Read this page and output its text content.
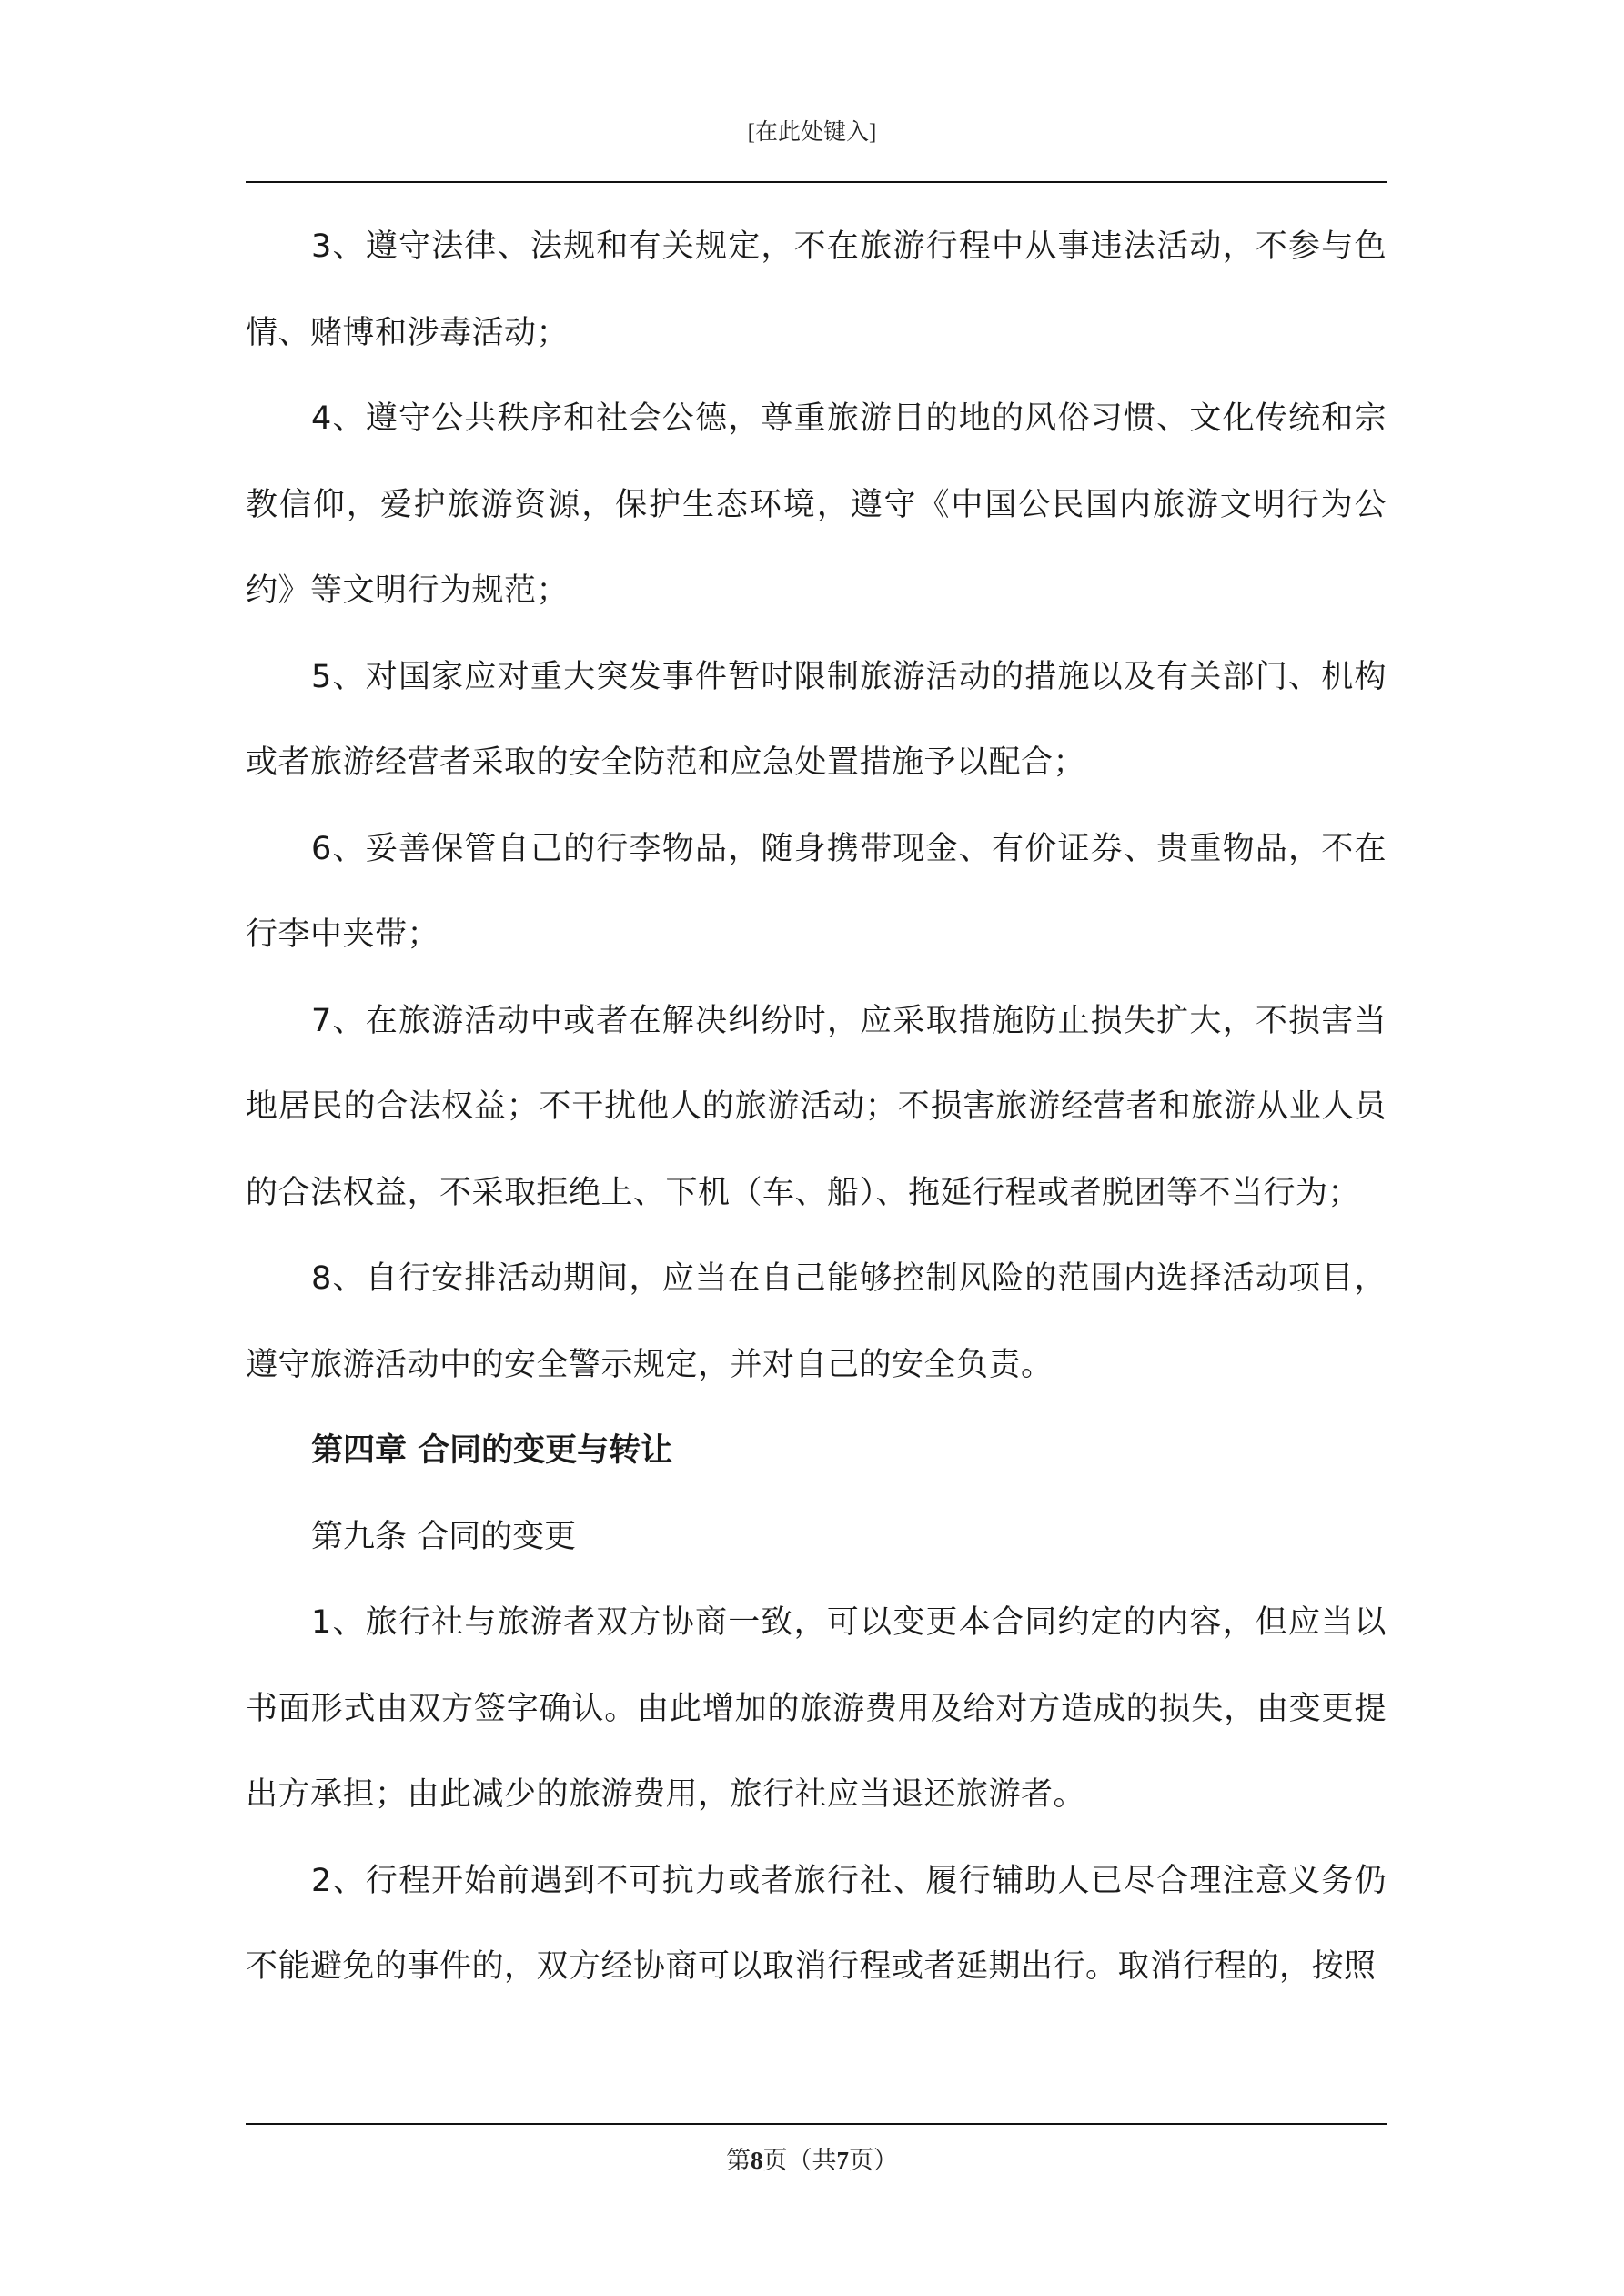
[在此处键入]

3、遵守法律、法规和有关规定，不在旅游行程中从事违法活动，不参与色情、赌博和涉毒活动；

4、遵守公共秩序和社会公德，尊重旅游目的地的风俗习惯、文化传统和宗教信仰，爱护旅游资源，保护生态环境，遵守《中国公民国内旅游文明行为公约》等文明行为规范；

5、对国家应对重大突发事件暂时限制旅游活动的措施以及有关部门、机构或者旅游经营者采取的安全防范和应急处置措施予以配合；

6、妥善保管自己的行李物品，随身携带现金、有价证券、贵重物品，不在行李中夹带；

7、在旅游活动中或者在解决纠纷时，应采取措施防止损失扩大，不损害当地居民的合法权益；不干扰他人的旅游活动；不损害旅游经营者和旅游从业人员的合法权益，不采取拒绝上、下机（车、船）、拖延行程或者脱团等不当行为；

8、自行安排活动期间，应当在自己能够控制风险的范围内选择活动项目，遵守旅游活动中的安全警示规定，并对自己的安全负责。

第四章 合同的变更与转让

第九条 合同的变更

1、旅行社与旅游者双方协商一致，可以变更本合同约定的内容，但应当以书面形式由双方签字确认。由此增加的旅游费用及给对方造成的损失，由变更提出方承担；由此减少的旅游费用，旅行社应当退还旅游者。

2、行程开始前遇到不可抗力或者旅行社、履行辅助人已尽合理注意义务仍不能避免的事件的，双方经协商可以取消行程或者延期出行。取消行程的，按照

第8页（共7页）
